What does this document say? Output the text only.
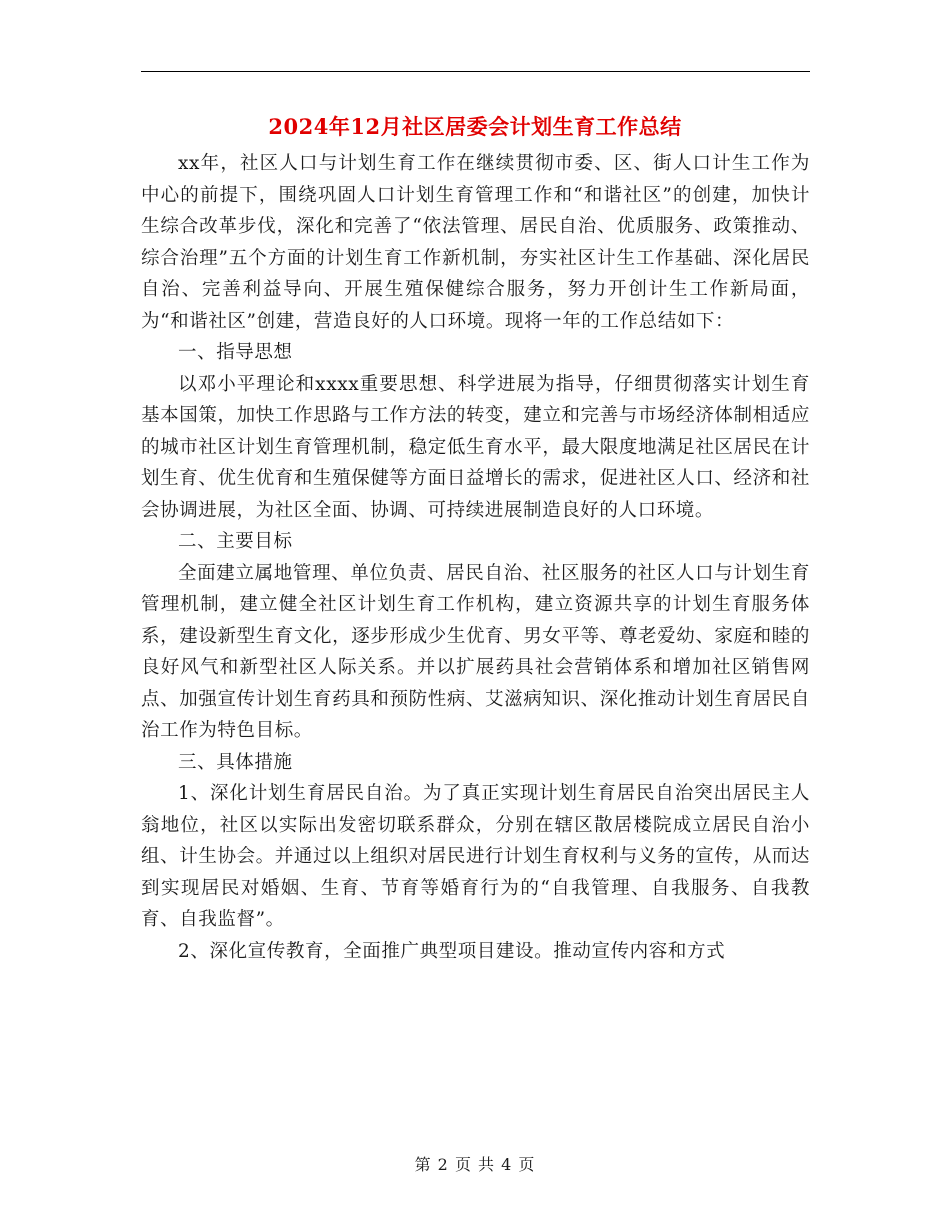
2024年12月社区居委会计划生育工作总结

xx年，社区人口与计划生育工作在继续贯彻市委、区、街人口计生工作为中心的前提下，围绕巩固人口计划生育管理工作和“和谐社区”的创建，加快计生综合改革步伐，深化和完善了“依法管理、居民自治、优质服务、政策推动、综合治理”五个方面的计划生育工作新机制，夯实社区计生工作基础、深化居民自治、完善利益导向、开展生殖保健综合服务，努力开创计生工作新局面，为“和谐社区”创建，营造良好的人口环境。现将一年的工作总结如下：

一、指导思想

以邓小平理论和xxxx重要思想、科学进展为指导，仔细贯彻落实计划生育基本国策，加快工作思路与工作方法的转变，建立和完善与市场经济体制相适应的城市社区计划生育管理机制，稳定低生育水平，最大限度地满足社区居民在计划生育、优生优育和生殖保健等方面日益增长的需求，促进社区人口、经济和社会协调进展，为社区全面、协调、可持续进展制造良好的人口环境。

二、主要目标

全面建立属地管理、单位负责、居民自治、社区服务的社区人口与计划生育管理机制，建立健全社区计划生育工作机构，建立资源共享的计划生育服务体系，建设新型生育文化，逐步形成少生优育、男女平等、尊老爱幼、家庭和睦的良好风气和新型社区人际关系。并以扩展药具社会营销体系和增加社区销售网点、加强宣传计划生育药具和预防性病、艾滋病知识、深化推动计划生育居民自治工作为特色目标。

三、具体措施

1、深化计划生育居民自治。为了真正实现计划生育居民自治突出居民主人翁地位，社区以实际出发密切联系群众，分别在辖区散居楼院成立居民自治小组、计生协会。并通过以上组织对居民进行计划生育权利与义务的宣传，从而达到实现居民对婚姻、生育、节育等婚育行为的“自我管理、自我服务、自我教育、自我监督”。

2、深化宣传教育，全面推广典型项目建设。推动宣传内容和方式

第 2 页 共 4 页
